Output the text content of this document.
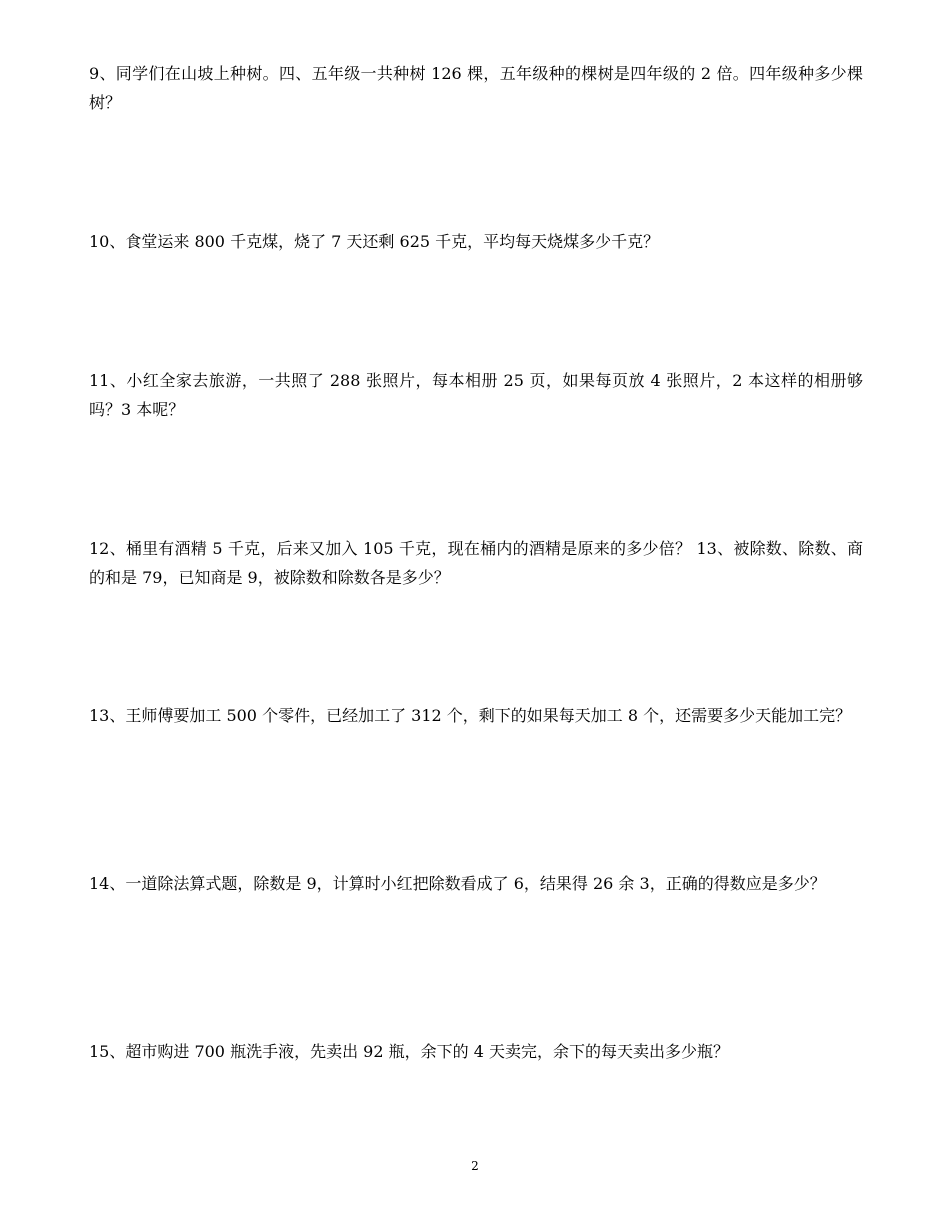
9、同学们在山坡上种树。四、五年级一共种树 126 棵，五年级种的棵树是四年级的 2 倍。四年级种多少棵树？

10、食堂运来 800 千克煤，烧了 7 天还剩 625 千克，平均每天烧煤多少千克？

11、小红全家去旅游，一共照了 288 张照片，每本相册 25 页，如果每页放 4 张照片，2 本这样的相册够吗？3 本呢？

12、桶里有酒精 5 千克，后来又加入 105 千克，现在桶内的酒精是原来的多少倍？ 13、被除数、除数、商的和是 79，已知商是 9，被除数和除数各是多少？

13、王师傅要加工 500 个零件，已经加工了 312 个，剩下的如果每天加工 8 个，还需要多少天能加工完？

14、一道除法算式题，除数是 9，计算时小红把除数看成了 6，结果得 26 余 3，正确的得数应是多少？

15、超市购进 700 瓶洗手液，先卖出 92 瓶，余下的 4 天卖完，余下的每天卖出多少瓶？

2
